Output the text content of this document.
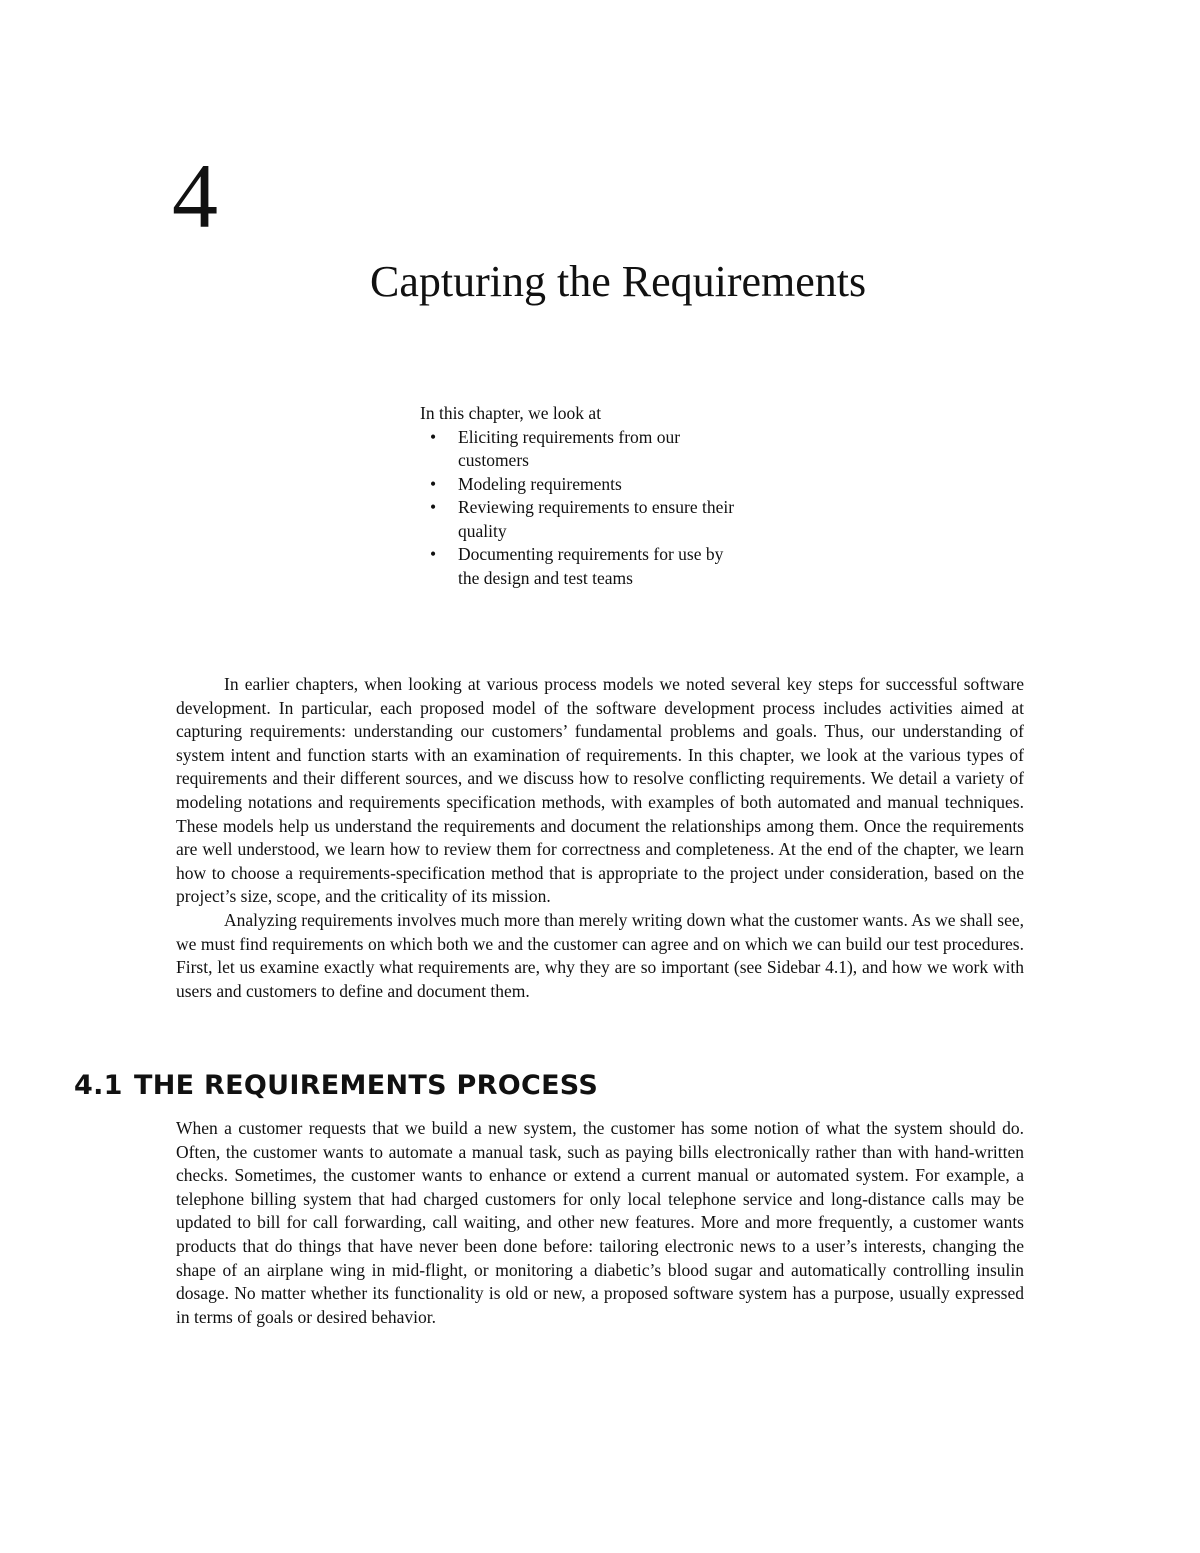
4
Capturing the Requirements

In this chapter, we look at

• Eliciting requirements from our customers
• Modeling requirements
• Reviewing requirements to ensure their quality
• Documenting requirements for use by the design and test teams

In earlier chapters, when looking at various process models we noted several key steps for successful software development. In particular, each proposed model of the software development process includes activities aimed at capturing requirements: understanding our customers’ fundamental problems and goals. Thus, our understanding of system intent and function starts with an examination of requirements. In this chapter, we look at the various types of requirements and their different sources, and we discuss how to resolve conflicting requirements. We detail a variety of modeling notations and requirements specification methods, with examples of both automated and manual techniques. These models help us understand the requirements and document the relationships among them. Once the requirements are well understood, we learn how to review them for correctness and completeness. At the end of the chapter, we learn how to choose a requirements-specification method that is appropriate to the project under consideration, based on the project’s size, scope, and the criticality of its mission.

Analyzing requirements involves much more than merely writing down what the customer wants. As we shall see, we must find requirements on which both we and the customer can agree and on which we can build our test procedures. First, let us examine exactly what requirements are, why they are so important (see Sidebar 4.1), and how we work with users and customers to define and document them.

4.1 THE REQUIREMENTS PROCESS

When a customer requests that we build a new system, the customer has some notion of what the system should do. Often, the customer wants to automate a manual task, such as paying bills electronically rather than with hand-written checks. Sometimes, the customer wants to enhance or extend a current manual or automated system. For example, a telephone billing system that had charged customers for only local telephone service and long-distance calls may be updated to bill for call forwarding, call waiting, and other new features. More and more frequently, a customer wants products that do things that have never been done before: tailoring electronic news to a user’s interests, changing the shape of an airplane wing in mid-flight, or monitoring a diabetic’s blood sugar and automatically controlling insulin dosage. No matter whether its functionality is old or new, a proposed software system has a purpose, usually expressed in terms of goals or desired behavior.
